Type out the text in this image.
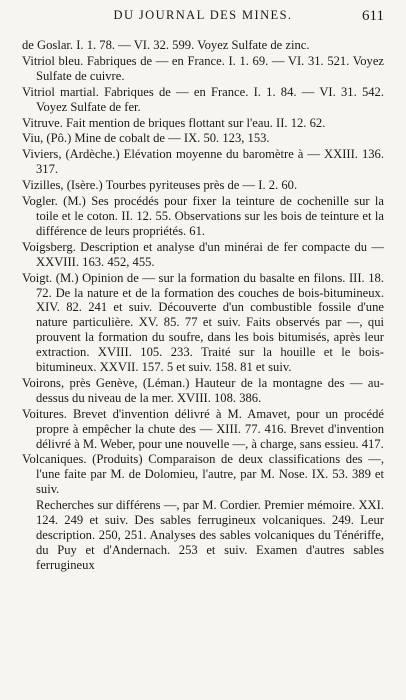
DU JOURNAL DES MINES.	611

de Goslar. I. 1. 78. — VI. 32. 599. Voyez Sulfate de zinc.

Vitriol bleu. Fabriques de — en France. I. 1. 69. — VI. 31. 521. Voyez Sulfate de cuivre.

Vitriol martial. Fabriques de — en France. I. 1. 84. — VI. 31. 542. Voyez Sulfate de fer.

Vitruve. Fait mention de briques flottant sur l'eau. II. 12. 62.

Viu, (Pô.) Mine de cobalt de — IX. 50. 123, 153.

Viviers, (Ardèche.) Elévation moyenne du baromètre à — XXIII. 136. 317.

Vizilles, (Isère.) Tourbes pyriteuses près de — I. 2. 60.

Vogler. (M.) Ses procédés pour fixer la teinture de cochenille sur la toile et le coton. II. 12. 55. Observations sur les bois de teinture et la différence de leurs propriétés. 61.

Voigsberg. Description et analyse d'un minérai de fer compacte du — XXVIII. 163. 452, 455.

Voigt. (M.) Opinion de — sur la formation du basalte en filons. III. 18. 72. De la nature et de la formation des couches de bois-bitumineux. XIV. 82. 241 et suiv. Découverte d'un combustible fossile d'une nature particulière. XV. 85. 77 et suiv. Faits observés par —, qui prouvent la formation du soufre, dans les bois bitumisés, après leur extraction. XVIII. 105. 233. Traité sur la houille et le bois-bitumineux. XXVII. 157. 5 et suiv. 158. 81 et suiv.

Voirons, près Genève, (Léman.) Hauteur de la montagne des — au-dessus du niveau de la mer. XVIII. 108. 386.

Voitures. Brevet d'invention délivré à M. Amavet, pour un procédé propre à empêcher la chute des — XIII. 77. 416. Brevet d'invention délivré à M. Weber, pour une nouvelle —, à charge, sans essieu. 417.

Volcaniques. (Produits) Comparaison de deux classifications des —, l'une faite par M. de Dolomieu, l'autre, par M. Nose. IX. 53. 389 et suiv.

Recherches sur différens —, par M. Cordier. Premier mémoire. XXI. 124. 249 et suiv. Des sables ferrugineux volcaniques. 249. Leur description. 250, 251. Analyses des sables volcaniques du Ténériffe, du Puy et d'Andernach. 253 et suiv. Examen d'autres sables ferrugineux
